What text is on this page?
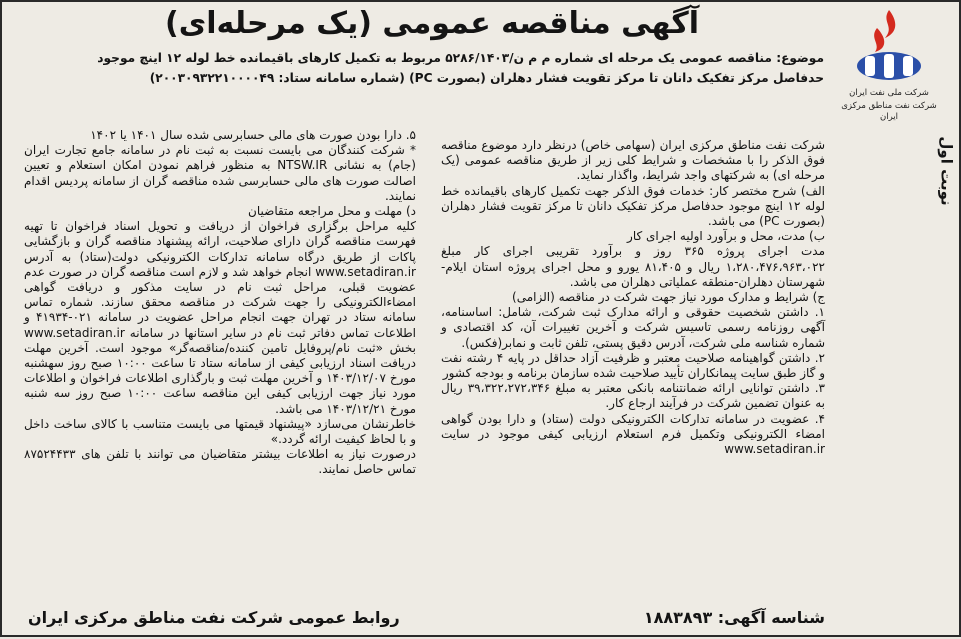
نوبت اول
شرکت ملی نفت ایران
شرکت نفت مناطق مرکزی ایران
آگهی مناقصه عمومی (یک مرحله‌ای)
موضوع: مناقصه عمومی یک مرحله ای شماره م م ن/۵۲۸۶/۱۴۰۳ مربوط به تکمیل کارهای باقیمانده خط لوله ۱۲ اینچ موجود
حدفاصل مرکز تفکیک دانان تا مرکز تقویت فشار دهلران (بصورت PC) (شماره سامانه ستاد: ۲۰۰۳۰۹۳۲۲۱۰۰۰۰۴۹)

شرکت نفت مناطق مرکزی ایران (سهامی خاص) درنظر دارد موضوع مناقصه فوق الذکر را با مشخصات و شرایط کلی زیر از طریق مناقصه عمومی (یک مرحله ای) به شرکتهای واجد شرایط، واگذار نماید.

الف) شرح مختصر کار: خدمات فوق الذکر جهت تکمیل کارهای باقیمانده خط لوله ۱۲ اینچ موجود حدفاصل مرکز تفکیک دانان تا مرکز تقویت فشار دهلران (بصورت PC) می باشد.

ب) مدت، محل و برآورد اولیه اجرای کار

مدت اجرای پروژه ۳۶۵ روز و برآورد تقریبی اجرای کار مبلغ ۱،۲۸۰،۴۷۶،۹۶۳،۰۲۲ ریال و ۸۱،۴۰۵ یورو و محل اجرای پروژه استان ایلام- شهرستان دهلران-منطقه عملیاتی دهلران می باشد.

ج) شرایط و مدارک مورد نیاز جهت شرکت در مناقصه (الزامی)

۱. داشتن شخصیت حقوقی و ارائه مدارک ثبت شرکت، شامل: اساسنامه، آگهی روزنامه رسمی تاسیس شرکت و آخرین تغییرات آن، کد اقتصادی و شماره شناسه ملی شرکت، آدرس دقیق پستی، تلفن ثابت و نمابر(فکس).

۲. داشتن گواهینامه صلاحیت معتبر و ظرفیت آزاد حداقل در پایه ۴ رشته نفت و گاز طبق سایت پیمانکاران تأیید صلاحیت شده سازمان برنامه و بودجه کشور

۳. داشتن توانایی ارائه ضمانتنامه بانکی معتبر به مبلغ ۳۹،۳۲۲،۲۷۲،۳۴۶ ریال به عنوان تضمین شرکت در فرآیند ارجاع کار.

۴. عضویت در سامانه تدارکات الکترونیکی دولت (ستاد) و دارا بودن گواهی امضاء الکترونیکی وتکمیل فرم استعلام ارزیابی کیفی موجود در سایت www.setadiran.ir

۵. دارا بودن صورت های مالی حسابرسی شده سال ۱۴۰۱ یا ۱۴۰۲

* شرکت کنندگان می بایست نسبت به ثبت نام در سامانه جامع تجارت ایران (جام) به نشانی NTSW.IR به منظور فراهم نمودن امکان استعلام و تعیین اصالت صورت های مالی حسابرسی شده مناقصه گران از سامانه پردیس اقدام نمایند.

د) مهلت و محل مراجعه متقاضیان

کلیه مراحل برگزاری فراخوان از دریافت و تحویل اسناد فراخوان تا تهیه فهرست مناقصه گران دارای صلاحیت، ارائه پیشنهاد مناقصه گران و بازگشایی پاکات از طریق درگاه سامانه تدارکات الکترونیکی دولت(ستاد) به آدرس www.setadiran.ir انجام خواهد شد و لازم است مناقصه گران در صورت عدم عضویت قبلی، مراحل ثبت نام در سایت مذکور و دریافت گواهی امضاءالکترونیکی را جهت شرکت در مناقصه محقق سازند. شماره تماس سامانه ستاد در تهران جهت انجام مراحل عضویت در سامانه ۰۲۱-۴۱۹۳۴ و اطلاعات تماس دفاتر ثبت نام در سایر استانها در سامانه www.setadiran.ir بخش «ثبت نام/پروفایل تامین کننده/مناقصه‌گر» موجود است. آخرین مهلت دریافت اسناد ارزیابی کیفی از سامانه ستاد تا ساعت ۱۰:۰۰ صبح روز سهشنبه مورخ ۱۴۰۳/۱۲/۰۷ و آخرین مهلت ثبت و بارگذاری اطلاعات فراخوان و اطلاعات مورد نیاز جهت ارزیابی کیفی این مناقصه ساعت ۱۰:۰۰ صبح روز سه شنبه مورخ ۱۴۰۳/۱۲/۲۱ می باشد.

خاطرنشان می‌سازد «پیشنهاد قیمتها می بایست متناسب با کالای ساخت داخل و با لحاظ کیفیت ارائه گردد.»

درصورت نیاز به اطلاعات بیشتر متقاضیان می توانند با تلفن های ۸۷۵۲۴۴۳۳ تماس حاصل نمایند.

شناسه آگهی: ۱۸۸۳۸۹۳
روابط عمومی شرکت نفت مناطق مرکزی ایران
